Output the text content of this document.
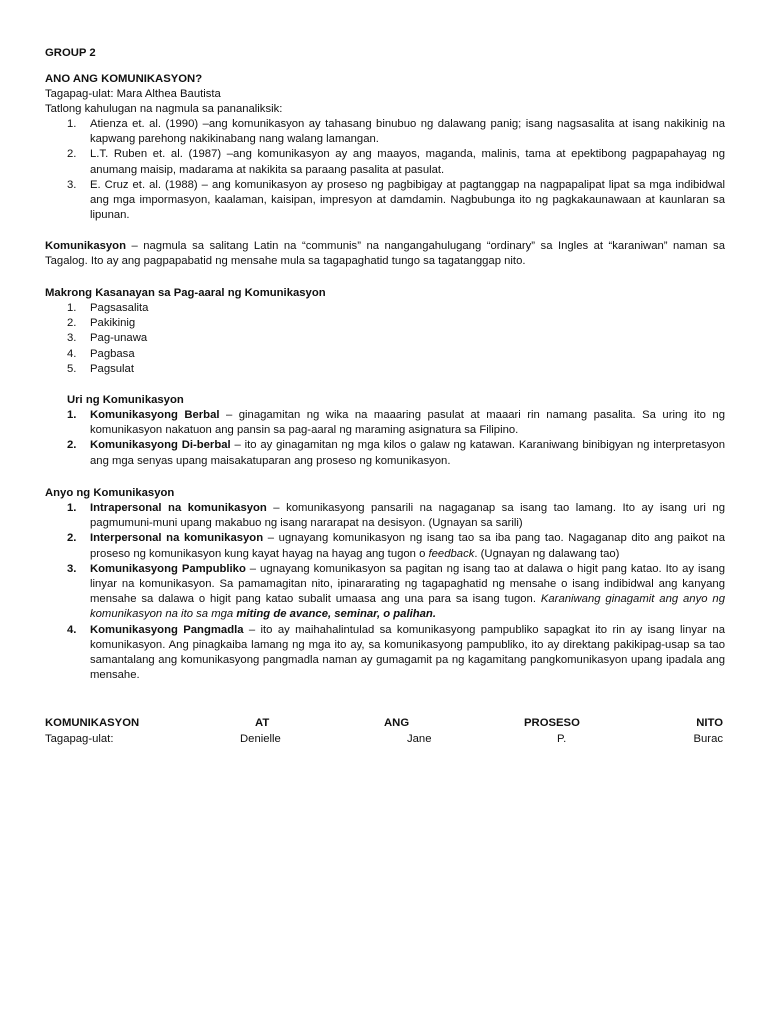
GROUP 2

ANO ANG KOMUNIKASYON?

Tagapag-ulat: Mara Althea Bautista

Tatlong kahulugan na nagmula sa pananaliksik:

1. Atienza et. al. (1990) –ang komunikasyon ay tahasang binubuo ng dalawang panig; isang nagsasalita at isang nakikinig na kapwang parehong nakikinabang nang walang lamangan.
2. L.T. Ruben et. al. (1987) –ang komunikasyon ay ang maayos, maganda, malinis, tama at epektibong pagpapahayag ng anumang maisip, madarama at nakikita sa paraang pasalita at pasulat.
3. E. Cruz et. al. (1988) – ang komunikasyon ay proseso ng pagbibigay at pagtanggap na nagpapalipat lipat sa mga indibidwal ang mga impormasyon, kaalaman, kaisipan, impresyon at damdamin. Nagbubunga ito ng pagkakaunawaan at kaunlaran sa lipunan.

Komunikasyon – nagmula sa salitang Latin na “communis” na nangangahulugang “ordinary” sa Ingles at “karaniwan” naman sa Tagalog. Ito ay ang pagpapabatid ng mensahe mula sa tagapaghatid tungo sa tagatanggap nito.

Makrong Kasanayan sa Pag-aaral ng Komunikasyon

1. Pagsasalita
2. Pakikinig
3. Pag-unawa
4. Pagbasa
5. Pagsulat

Uri ng Komunikasyon

1. Komunikasyong Berbal – ginagamitan ng wika na maaaring pasulat at maaari rin namang pasalita. Sa uring ito ng komunikasyon nakatuon ang pansin sa pag-aaral ng maraming asignatura sa Filipino.
2. Komunikasyong Di-berbal – ito ay ginagamitan ng mga kilos o galaw ng katawan. Karaniwang binibigyan ng interpretasyon ang mga senyas upang maisakatuparan ang proseso ng komunikasyon.

Anyo ng Komunikasyon

1. Intrapersonal na komunikasyon – komunikasyong pansarili na nagaganap sa isang tao lamang. Ito ay isang uri ng pagmumuni-muni upang makabuo ng isang nararapat na desisyon. (Ugnayan sa sarili)
2. Interpersonal na komunikasyon – ugnayang komunikasyon ng isang tao sa iba pang tao. Nagaganap dito ang paikot na proseso ng komunikasyon kung kayat hayag na hayag ang tugon o feedback. (Ugnayan ng dalawang tao)
3. Komunikasyong Pampubliko – ugnayang komunikasyon sa pagitan ng isang tao at dalawa o higit pang katao. Ito ay isang linyar na komunikasyon. Sa pamamagitan nito, ipinararating ng tagapaghatid ng mensahe o isang indibidwal ang kanyang mensahe sa dalawa o higit pang katao subalit umaasa ang una para sa isang tugon. Karaniwang ginagamit ang anyo ng komunikasyon na ito sa mga miting de avance, seminar, o palihan.
4. Komunikasyong Pangmadla – ito ay maihahalintulad sa komunikasyong pampubliko sapagkat ito rin ay isang linyar na komunikasyon. Ang pinagkaiba lamang ng mga ito ay, sa komunikasyong pampubliko, ito ay direktang pakikipag-usap sa tao samantalang ang komunikasyong pangmadla naman ay gumagamit pa ng kagamitang pangkomunikasyon upang ipadala ang mensahe.
KOMUNIKASYON	AT	ANG	PROSESO	NITO
Tagapag-ulat:	Denielle	Jane	P.	Burac
